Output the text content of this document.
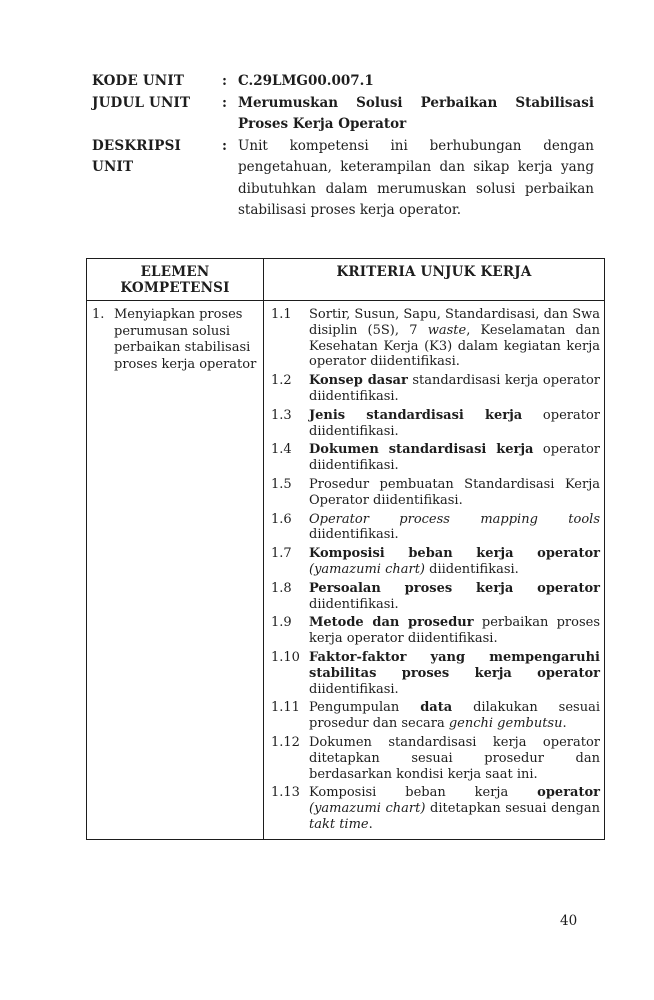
KODE UNIT	: C.29LMG00.007.1
JUDUL UNIT	: Merumuskan Solusi Perbaikan Stabilisasi Proses Kerja Operator
DESKRIPSI UNIT
: Unit kompetensi ini berhubungan dengan pengetahuan, keterampilan dan sikap kerja yang dibutuhkan dalam merumuskan solusi perbaikan stabilisasi proses kerja operator.
ELEMEN KOMPETENSI	KRITERIA UNJUK KERJA

1. Menyiapkan proses perumusan solusi perbaikan stabilisasi proses kerja operator

1.1	Sortir, Susun, Sapu, Standardisasi, dan Swa disiplin (5S), 7 waste, Keselamatan dan Kesehatan Kerja (K3) dalam kegiatan kerja operator diidentifikasi.
1.2	Konsep dasar standardisasi kerja operator diidentifikasi.
1.3	Jenis standardisasi kerja operator diidentifikasi.
1.4	Dokumen standardisasi kerja operator diidentifikasi.
1.5	Prosedur pembuatan Standardisasi Kerja Operator diidentifikasi.
1.6	Operator process mapping tools diidentifikasi.
1.7	Komposisi beban kerja operator (yamazumi chart) diidentifikasi.
1.8	Persoalan proses kerja operator diidentifikasi.
1.9	Metode dan prosedur perbaikan proses kerja operator diidentifikasi.
1.10 Faktor-faktor yang mempengaruhi stabilitas proses kerja operator diidentifikasi.
1.11 Pengumpulan data dilakukan sesuai prosedur dan secara genchi gembutsu.
1.12 Dokumen standardisasi kerja operator ditetapkan sesuai prosedur dan berdasarkan kondisi kerja saat ini.
1.13 Komposisi beban kerja operator (yamazumi chart) ditetapkan sesuai dengan takt time.
40
